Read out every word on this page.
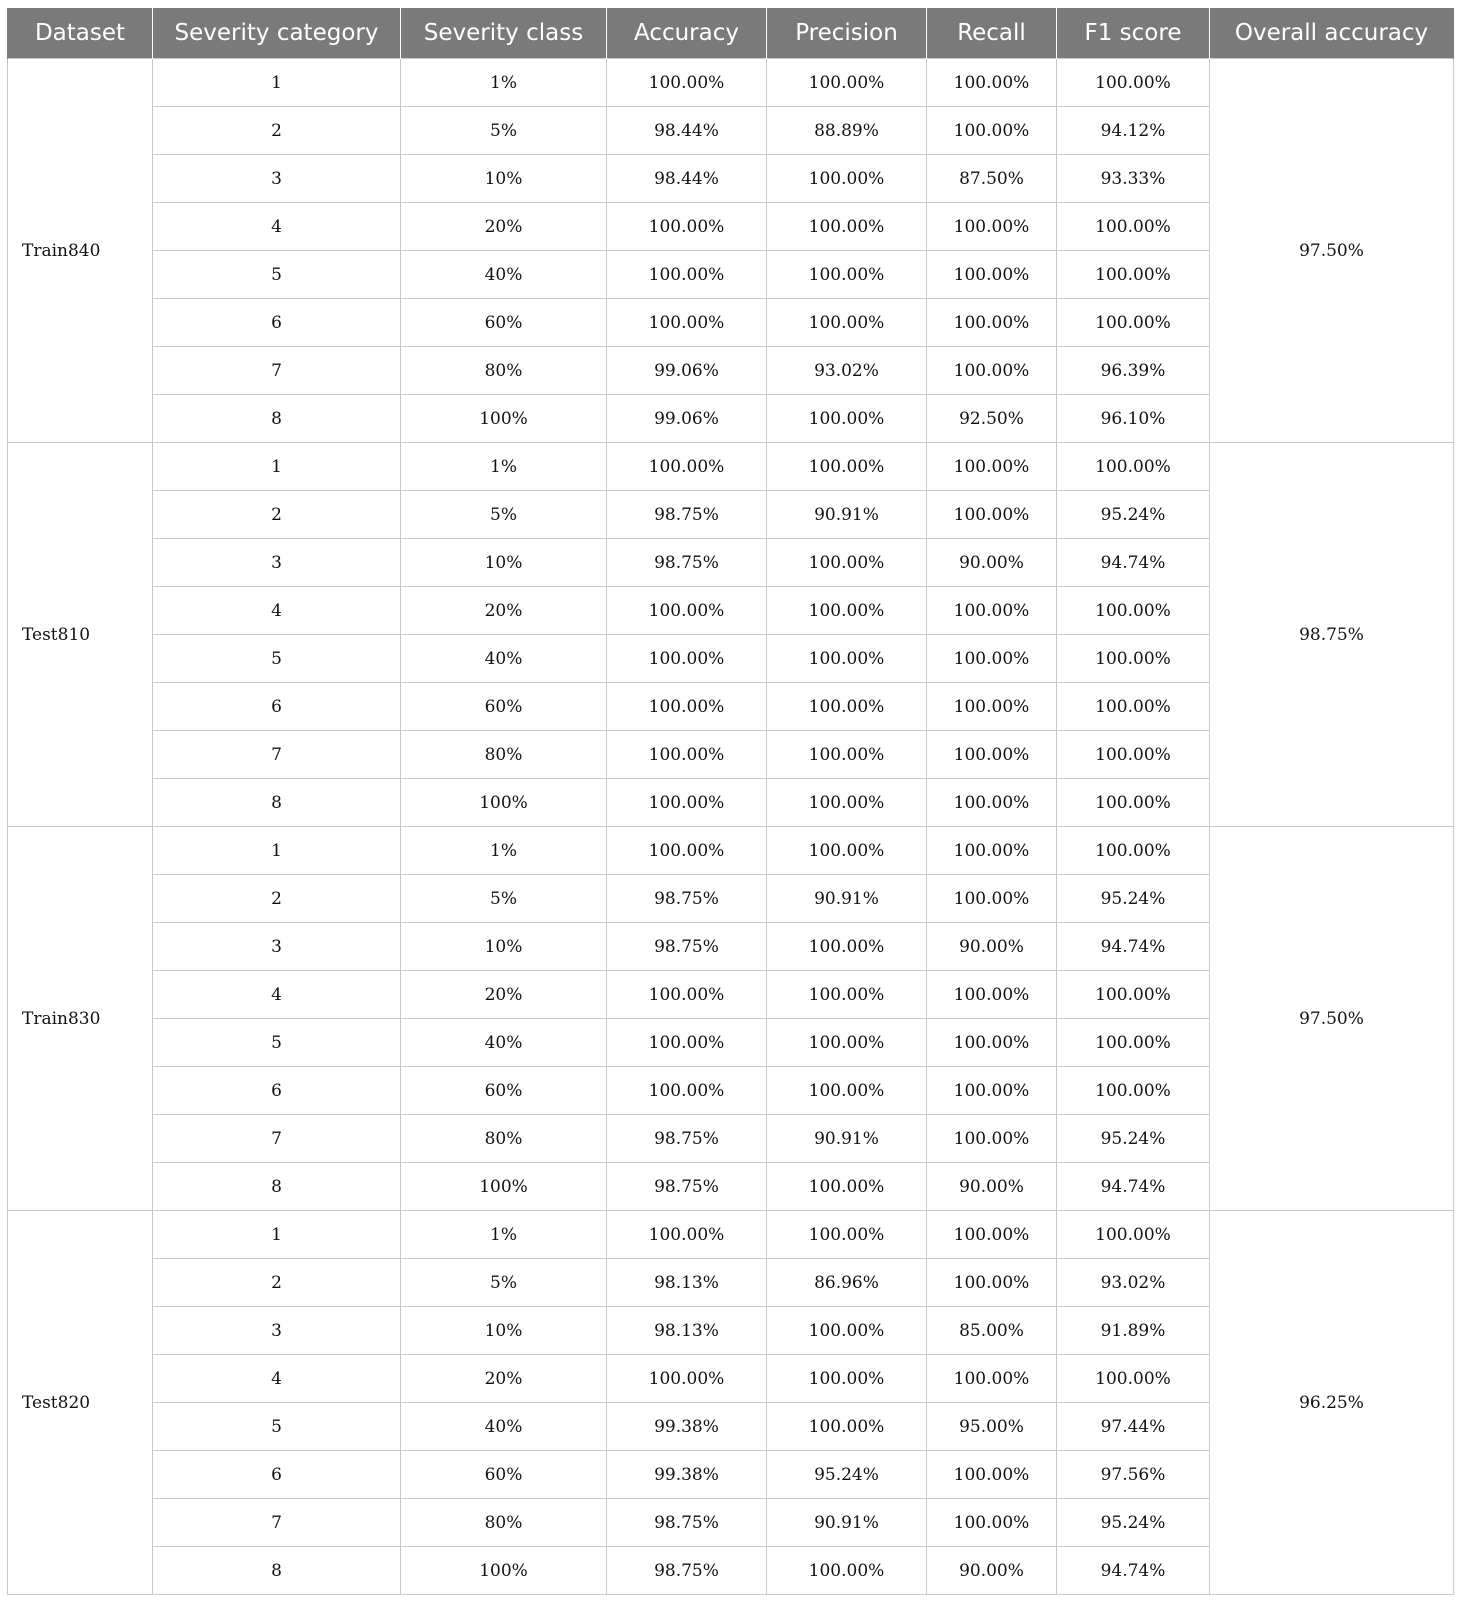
Dataset	Severity category	Severity class	Accuracy	Precision	Recall	F1 score	Overall accuracy
Train840	1	1%	100.00%	100.00%	100.00%	100.00%	97.50%
	2	5%	98.44%	88.89%	100.00%	94.12%	
	3	10%	98.44%	100.00%	87.50%	93.33%	
	4	20%	100.00%	100.00%	100.00%	100.00%	
	5	40%	100.00%	100.00%	100.00%	100.00%	
	6	60%	100.00%	100.00%	100.00%	100.00%	
	7	80%	99.06%	93.02%	100.00%	96.39%	
	8	100%	99.06%	100.00%	92.50%	96.10%	
Test810	1	1%	100.00%	100.00%	100.00%	100.00%	98.75%
	2	5%	98.75%	90.91%	100.00%	95.24%	
	3	10%	98.75%	100.00%	90.00%	94.74%	
	4	20%	100.00%	100.00%	100.00%	100.00%	
	5	40%	100.00%	100.00%	100.00%	100.00%	
	6	60%	100.00%	100.00%	100.00%	100.00%	
	7	80%	100.00%	100.00%	100.00%	100.00%	
	8	100%	100.00%	100.00%	100.00%	100.00%	
Train830	1	1%	100.00%	100.00%	100.00%	100.00%	97.50%
	2	5%	98.75%	90.91%	100.00%	95.24%	
	3	10%	98.75%	100.00%	90.00%	94.74%	
	4	20%	100.00%	100.00%	100.00%	100.00%	
	5	40%	100.00%	100.00%	100.00%	100.00%	
	6	60%	100.00%	100.00%	100.00%	100.00%	
	7	80%	98.75%	90.91%	100.00%	95.24%	
	8	100%	98.75%	100.00%	90.00%	94.74%	
Test820	1	1%	100.00%	100.00%	100.00%	100.00%	96.25%
	2	5%	98.13%	86.96%	100.00%	93.02%	
	3	10%	98.13%	100.00%	85.00%	91.89%	
	4	20%	100.00%	100.00%	100.00%	100.00%	
	5	40%	99.38%	100.00%	95.00%	97.44%	
	6	60%	99.38%	95.24%	100.00%	97.56%	
	7	80%	98.75%	90.91%	100.00%	95.24%	
	8	100%	98.75%	100.00%	90.00%	94.74%	
